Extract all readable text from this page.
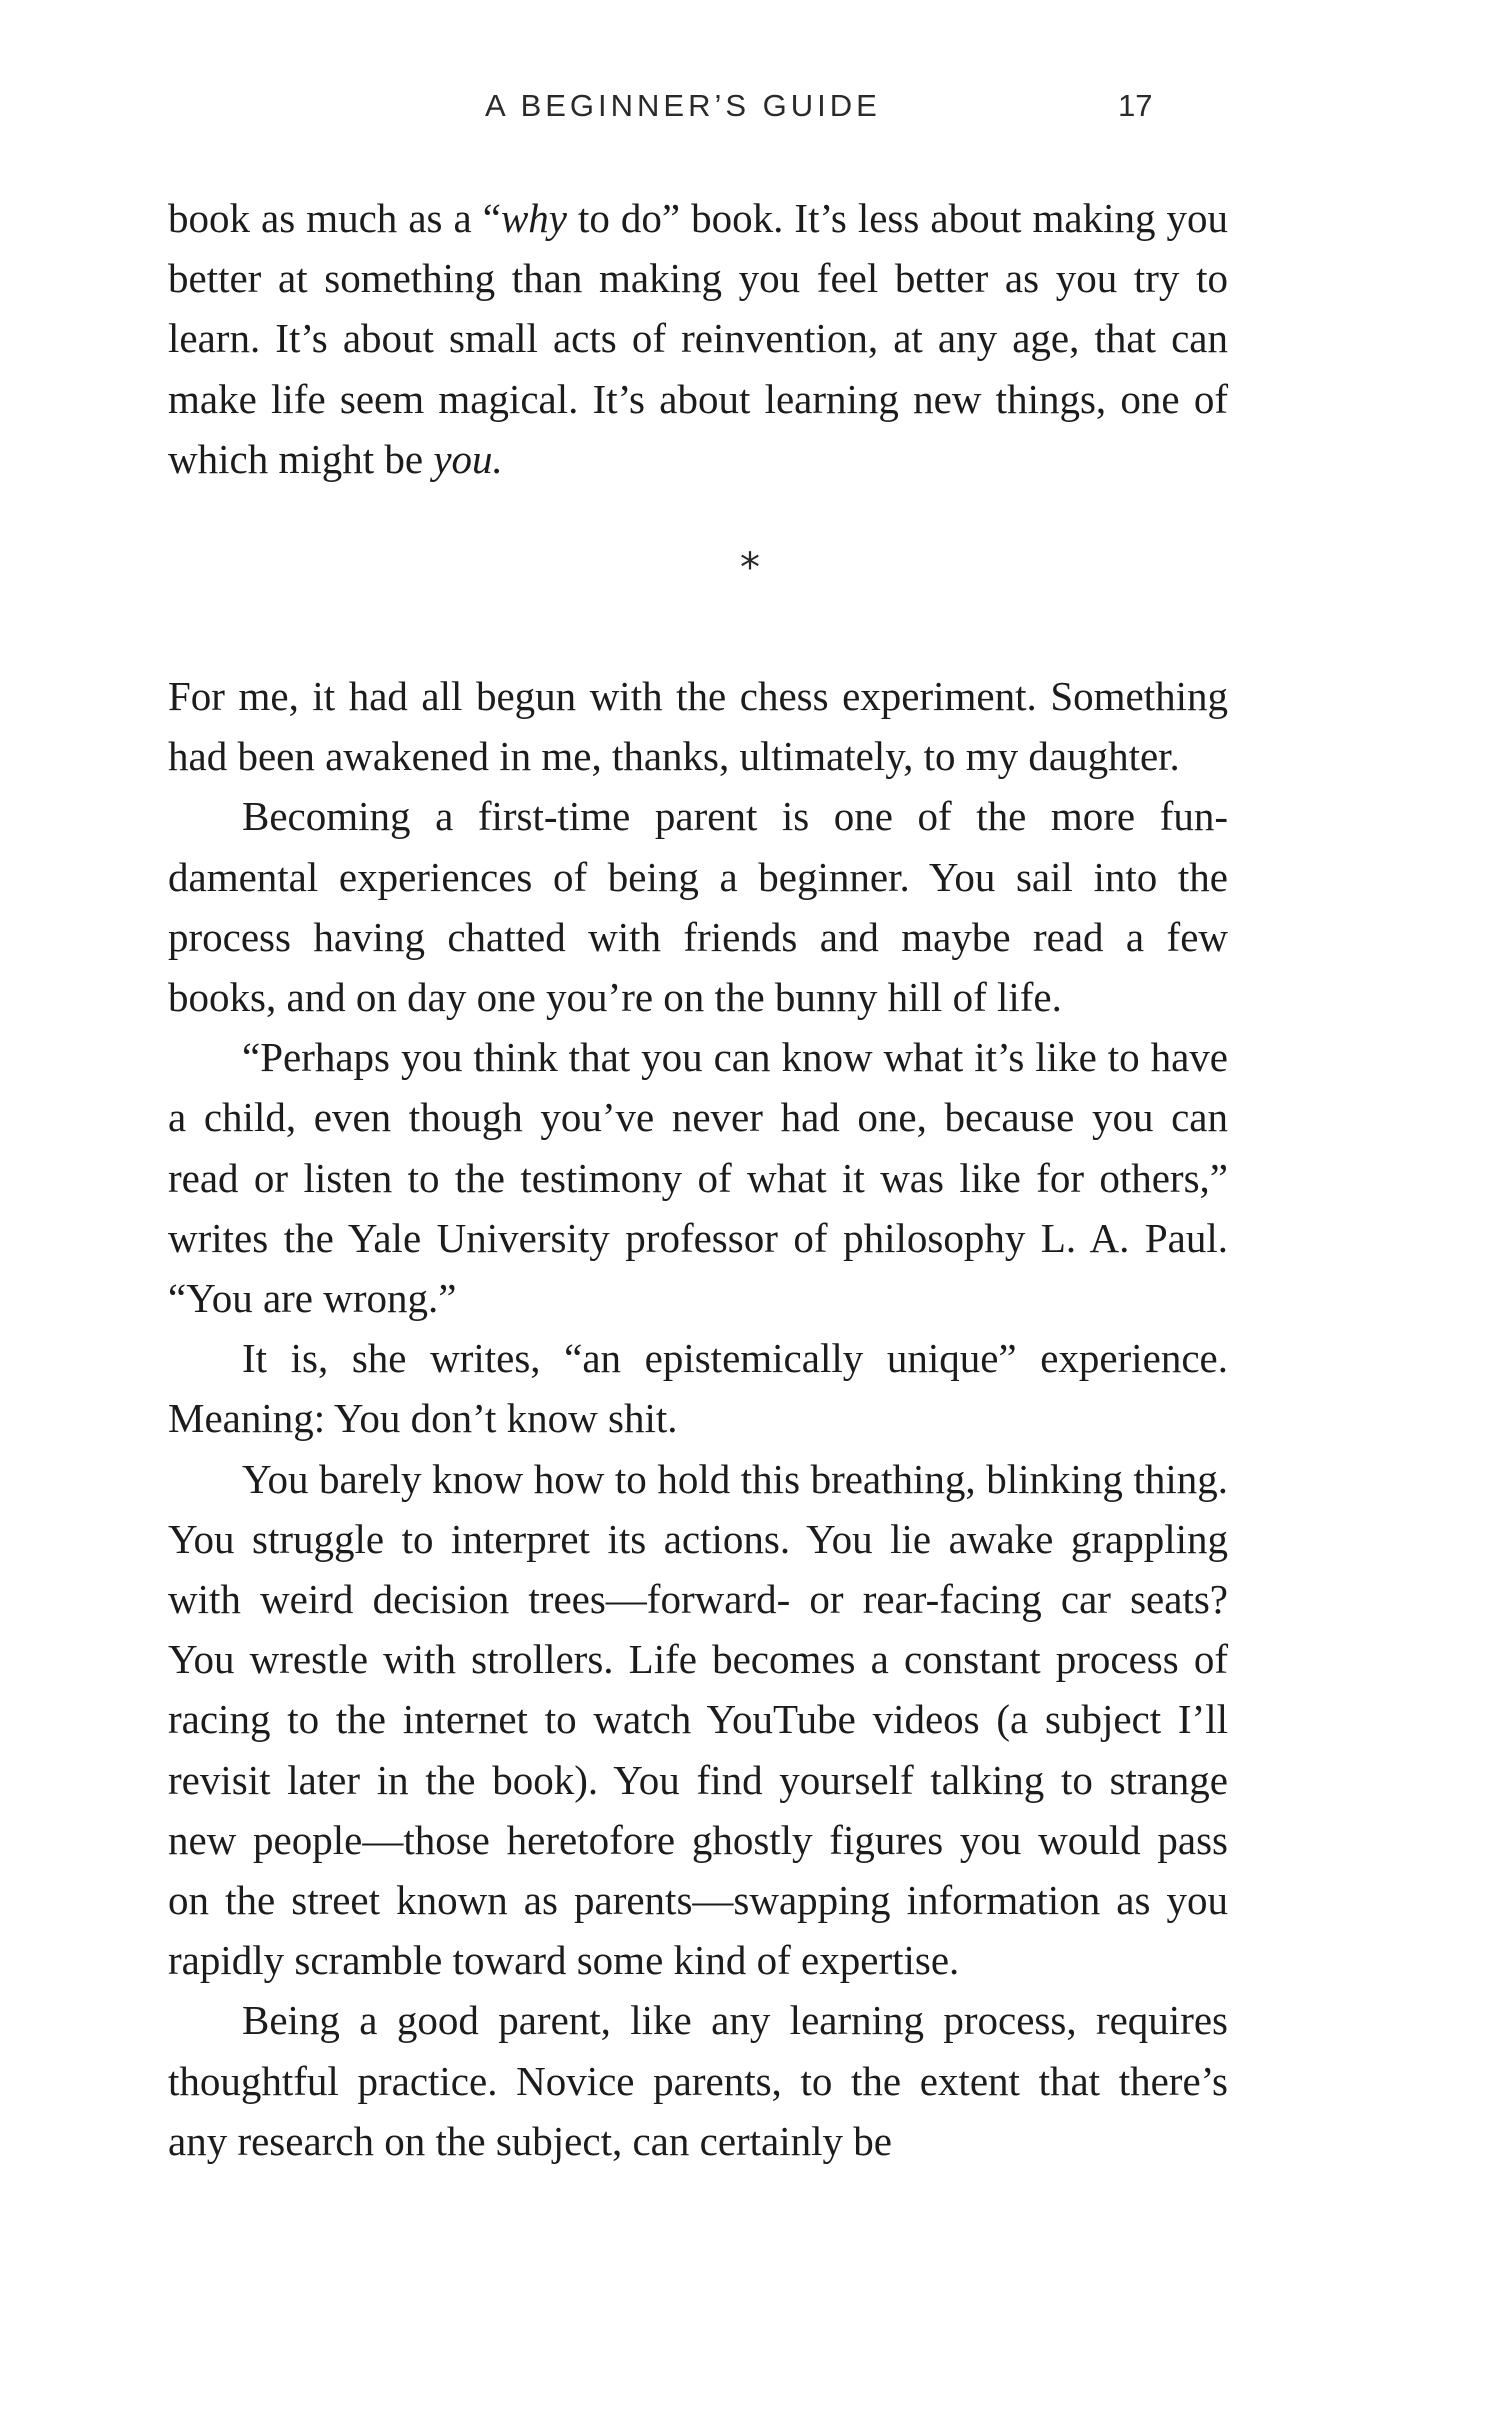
A BEGINNER’S GUIDE	17

book as much as a “why to do” book. It’s less about making you better at something than making you feel better as you try to learn. It’s about small acts of reinvention, at any age, that can make life seem magical. It’s about learning new things, one of which might be you.

*

For me, it had all begun with the chess experiment. Something had been awakened in me, thanks, ultimately, to my daughter.

Becoming a first-time parent is one of the more fundamental experiences of being a beginner. You sail into the process having chatted with friends and maybe read a few books, and on day one you’re on the bunny hill of life.

“Perhaps you think that you can know what it’s like to have a child, even though you’ve never had one, because you can read or listen to the testimony of what it was like for others,” writes the Yale University professor of philosophy L. A. Paul. “You are wrong.”

It is, she writes, “an epistemically unique” experience. Meaning: You don’t know shit.

You barely know how to hold this breathing, blinking thing. You struggle to interpret its actions. You lie awake grappling with weird decision trees—forward- or rear-facing car seats? You wrestle with strollers. Life becomes a constant process of racing to the internet to watch YouTube videos (a subject I’ll revisit later in the book). You find yourself talking to strange new people—those heretofore ghostly figures you would pass on the street known as parents—swapping information as you rapidly scramble toward some kind of expertise.

Being a good parent, like any learning process, requires thoughtful practice. Novice parents, to the extent that there’s any research on the subject, can certainly be
